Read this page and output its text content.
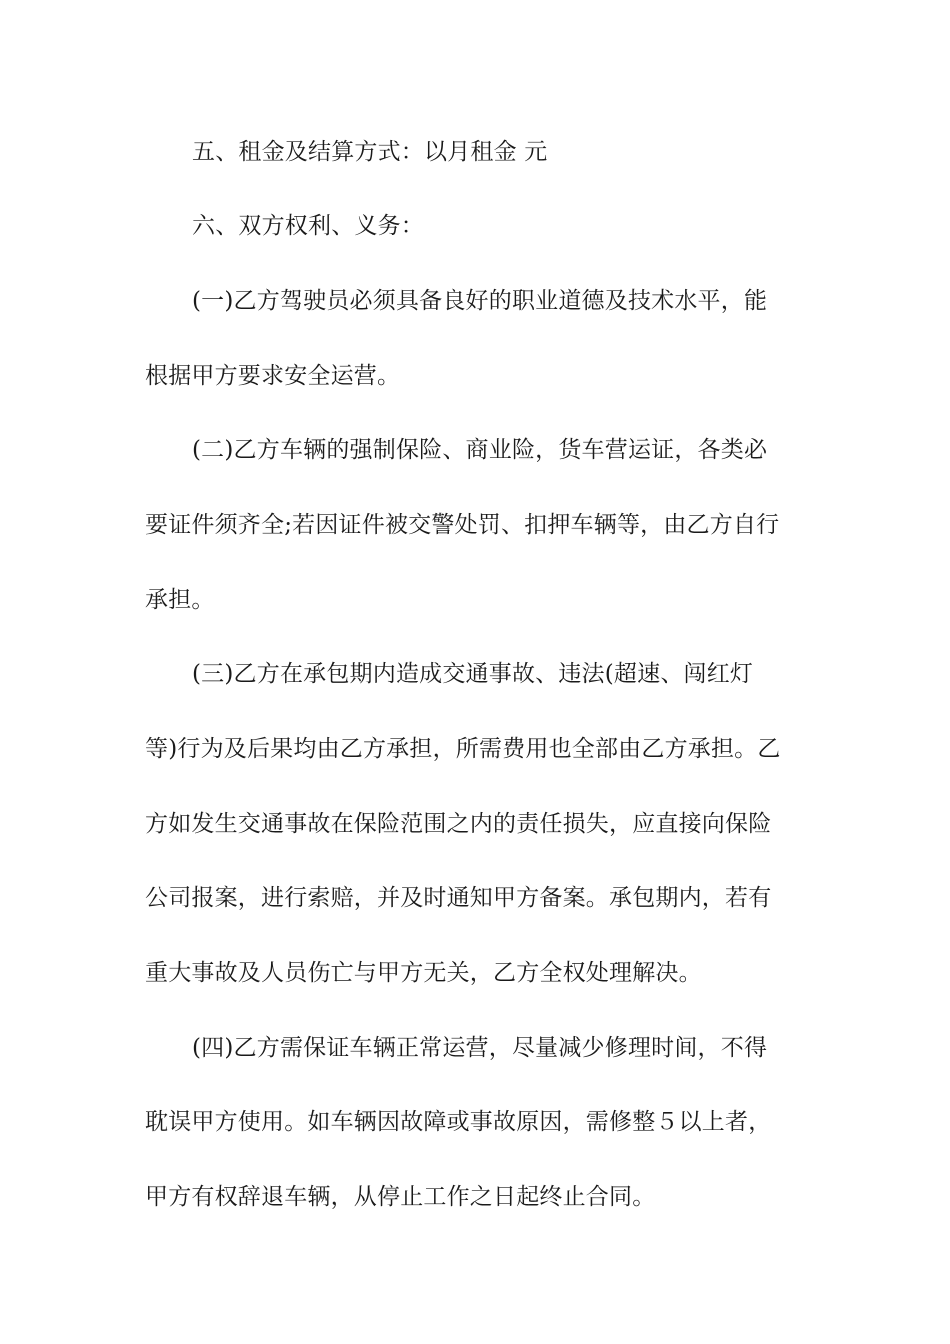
五、租金及结算方式：以月租金 元
六、双方权利、义务：
(一)乙方驾驶员必须具备良好的职业道德及技术水平，能
根据甲方要求安全运营。
(二)乙方车辆的强制保险、商业险，货车营运证，各类必
要证件须齐全;若因证件被交警处罚、扣押车辆等，由乙方自行
承担。
(三)乙方在承包期内造成交通事故、违法(超速、闯红灯
等)行为及后果均由乙方承担，所需费用也全部由乙方承担。乙
方如发生交通事故在保险范围之内的责任损失，应直接向保险
公司报案，进行索赔，并及时通知甲方备案。承包期内，若有
重大事故及人员伤亡与甲方无关，乙方全权处理解决。
(四)乙方需保证车辆正常运营，尽量减少修理时间，不得
耽误甲方使用。如车辆因故障或事故原因，需修整５以上者，
甲方有权辞退车辆，从停止工作之日起终止合同。
